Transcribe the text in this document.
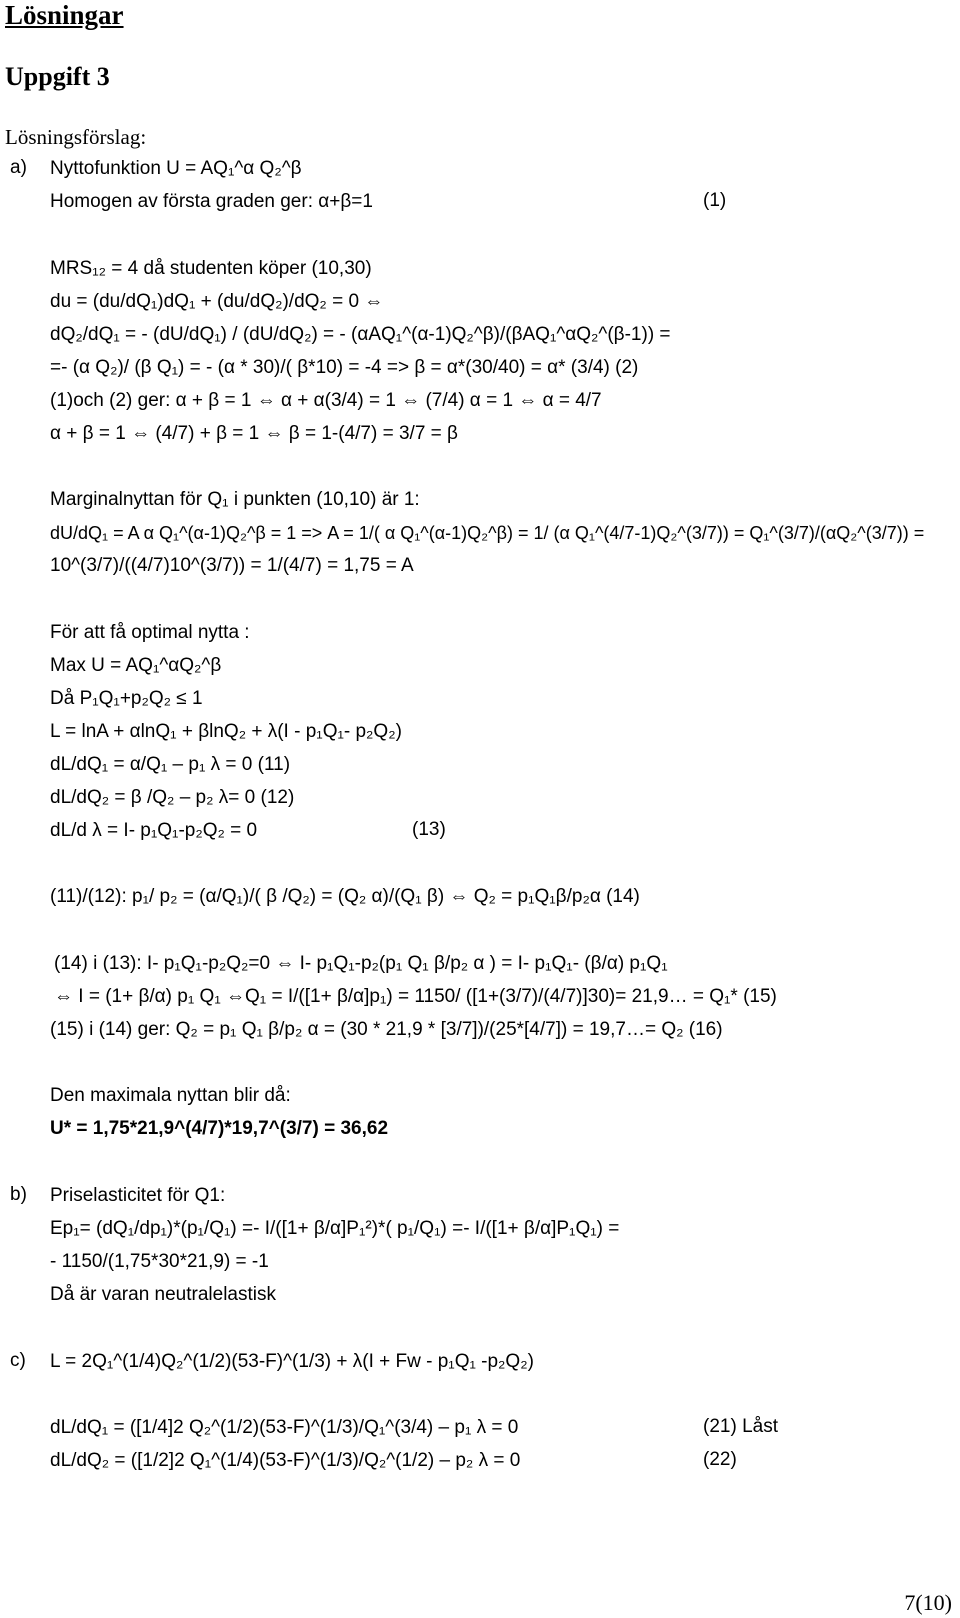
Lösningar
Uppgift 3
Lösningsförslag:
a) Nyttofunktion U = AQ₁^α Q₂^β
Homogen av första graden ger: α+β=1	(1)
MRS₁₂ = 4 då studenten köper (10,30)
du = (du/dQ₁)dQ₁ + (du/dQ₂)/dQ₂ = 0 ⇔
dQ₂/dQ₁ = - (dU/dQ₁) / (dU/dQ₂) = - (αAQ₁^(α-1)Q₂^β)/(βAQ₁^αQ₂^(β-1)) =
=- (α Q₂)/ (β Q₁) = - (α * 30)/( β*10) = -4 => β = α*(30/40) = α* (3/4) (2)
(1)och (2) ger: α + β = 1 ⇔ α + α(3/4) = 1 ⇔ (7/4) α = 1 ⇔ α = 4/7
α + β = 1 ⇔ (4/7) + β = 1 ⇔ β = 1-(4/7) = 3/7 = β
Marginalnyttan för Q₁ i punkten (10,10) är 1:
dU/dQ₁ = A α Q₁^(α-1)Q₂^β = 1 => A = 1/( α Q₁^(α-1)Q₂^β) = 1/ (α Q₁^(4/7-1)Q₂^(3/7)) = Q₁^(3/7)/(αQ₂^(3/7)) =
10^(3/7)/((4/7)10^(3/7)) = 1/(4/7) = 1,75 = A
För att få optimal nytta :
Max U = AQ₁^αQ₂^β
Då P₁Q₁+p₂Q₂ ≤ 1
L = lnA + αlnQ₁ + βlnQ₂ + λ(I - p₁Q₁- p₂Q₂)
dL/dQ₁ = α/Q₁ – p₁ λ = 0 (11)
dL/dQ₂ = β /Q₂ – p₂ λ= 0 (12)
dL/d λ = I- p₁Q₁-p₂Q₂ = 0	(13)
(11)/(12): p₁/ p₂ = (α/Q₁)/( β /Q₂) = (Q₂ α)/(Q₁ β) ⇔ Q₂ = p₁Q₁β/p₂α (14)
(14) i (13): I- p₁Q₁-p₂Q₂=0 ⇔ I- p₁Q₁-p₂(p₁ Q₁ β/p₂ α ) = I- p₁Q₁- (β/α) p₁Q₁
⇔ I = (1+ β/α) p₁ Q₁ ⇔Q₁ = I/([1+ β/α]p₁) = 1150/ ([1+(3/7)/(4/7)]30)= 21,9… = Q₁* (15)
(15) i (14) ger: Q₂ = p₁ Q₁ β/p₂ α = (30 * 21,9 * [3/7])/(25*[4/7]) = 19,7…= Q₂ (16)
Den maximala nyttan blir då:
U* = 1,75*21,9^(4/7)*19,7^(3/7) = 36,62
b) Priselasticitet för Q1:
Ep₁= (dQ₁/dp₁)*(p₁/Q₁) =- I/([1+ β/α]P₁²)*( p₁/Q₁) =- I/([1+ β/α]P₁Q₁) =
- 1150/(1,75*30*21,9) = -1
Då är varan neutralelastisk
c) L = 2Q₁^(1/4)Q₂^(1/2)(53-F)^(1/3) + λ(I + Fw - p₁Q₁ -p₂Q₂)
dL/dQ₁ = ([1/4]2 Q₂^(1/2)(53-F)^(1/3)/Q₁^(3/4) – p₁ λ = 0	(21) Låst
dL/dQ₂ = ([1/2]2 Q₁^(1/4)(53-F)^(1/3)/Q₂^(1/2) – p₂ λ = 0	(22)
7(10)
